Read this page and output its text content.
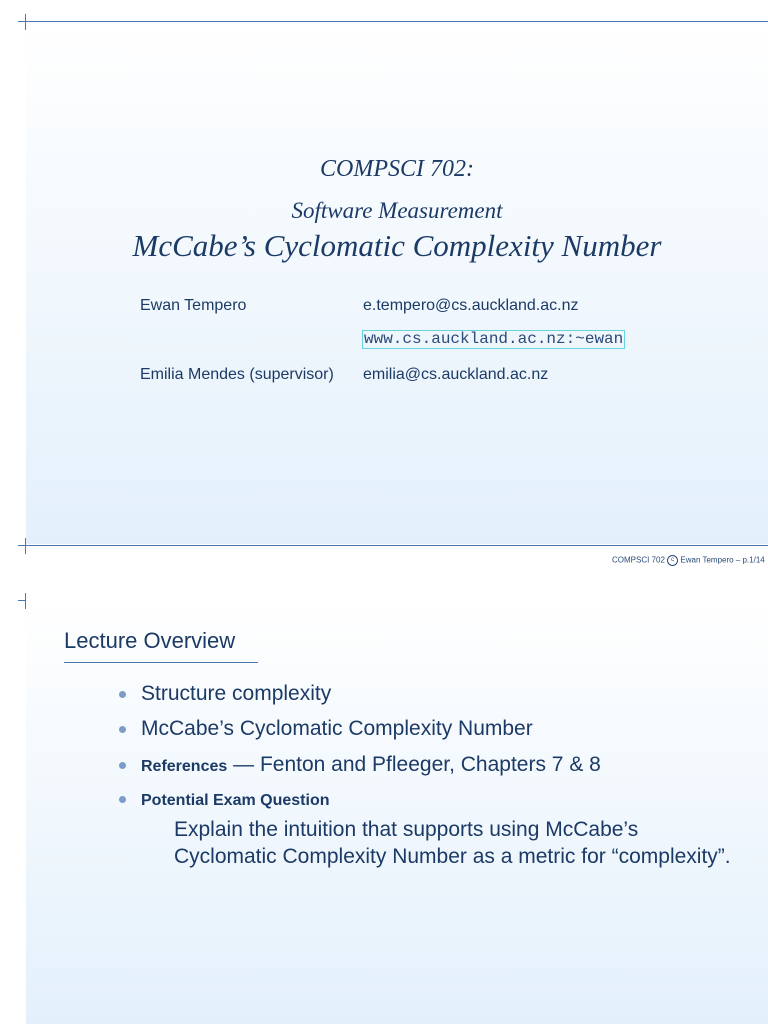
COMPSCI 702:
Software Measurement
McCabe’s Cyclomatic Complexity Number
Ewan Tempero	e.tempero@cs.auckland.ac.nz
www.cs.auckland.ac.nz:~ewan
Emilia Mendes (supervisor) emilia@cs.auckland.ac.nz
COMPSCI 702 c Ewan Tempero – p.1/14
Lecture Overview
Structure complexity
McCabe’s Cyclomatic Complexity Number
References — Fenton and Pfleeger, Chapters 7 & 8
Potential Exam Question
Explain the intuition that supports using McCabe’s Cyclomatic Complexity Number as a metric for “complexity”.
